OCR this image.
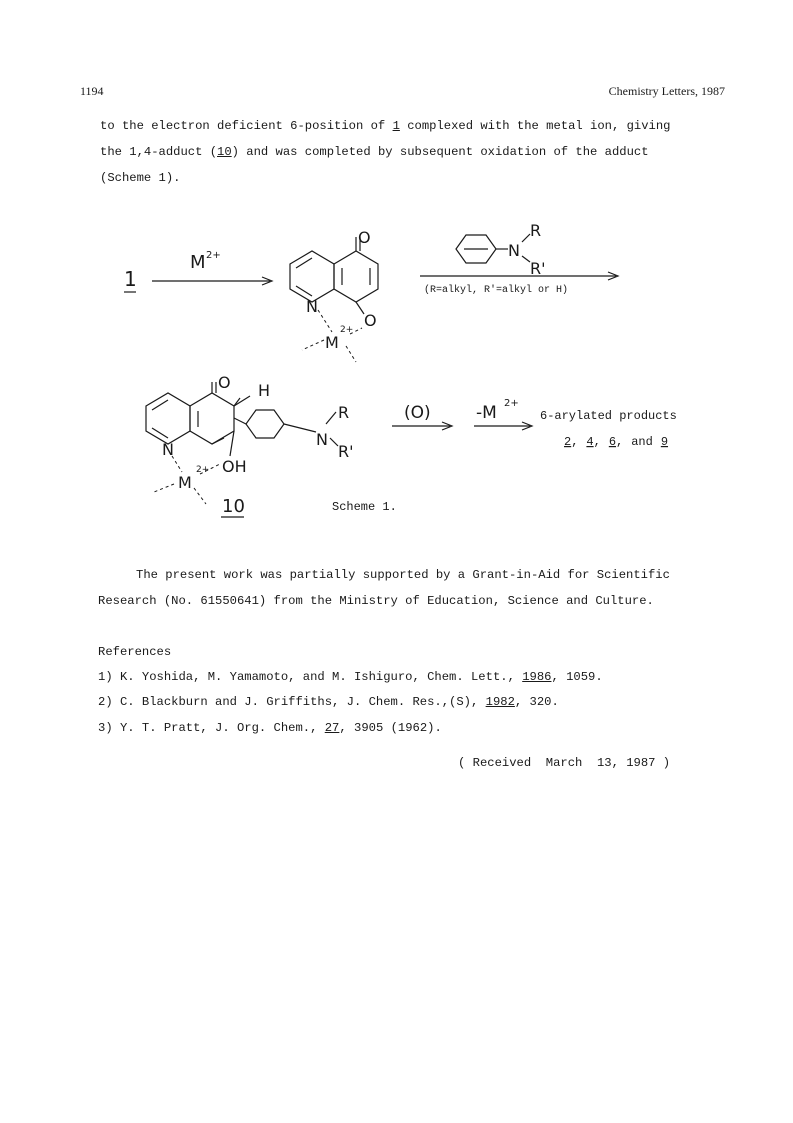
1194	Chemistry Letters, 1987
to the electron deficient 6-position of 1 complexed with the metal ion, giving
the 1,4-adduct (10) and was completed by subsequent oxidation of the adduct
(Scheme 1).
1
M 2+
O
O
N
M
2+
N
R
R'
(R=alkyl, R'=alkyl or H)
O H
N
OH
M
2+
N
R
R'
10
(O)	-M 2+
6-arylated products
2, 4, 6, and 9
Scheme 1.
The present work was partially supported by a Grant-in-Aid for Scientific
Research (No. 61550641) from the Ministry of Education, Science and Culture.
References
1) K. Yoshida, M. Yamamoto, and M. Ishiguro, Chem. Lett., 1986, 1059.
2) C. Blackburn and J. Griffiths, J. Chem. Res.,(S), 1982, 320.
3) Y. T. Pratt, J. Org. Chem., 27, 3905 (1962).
( Received  March  13, 1987 )
